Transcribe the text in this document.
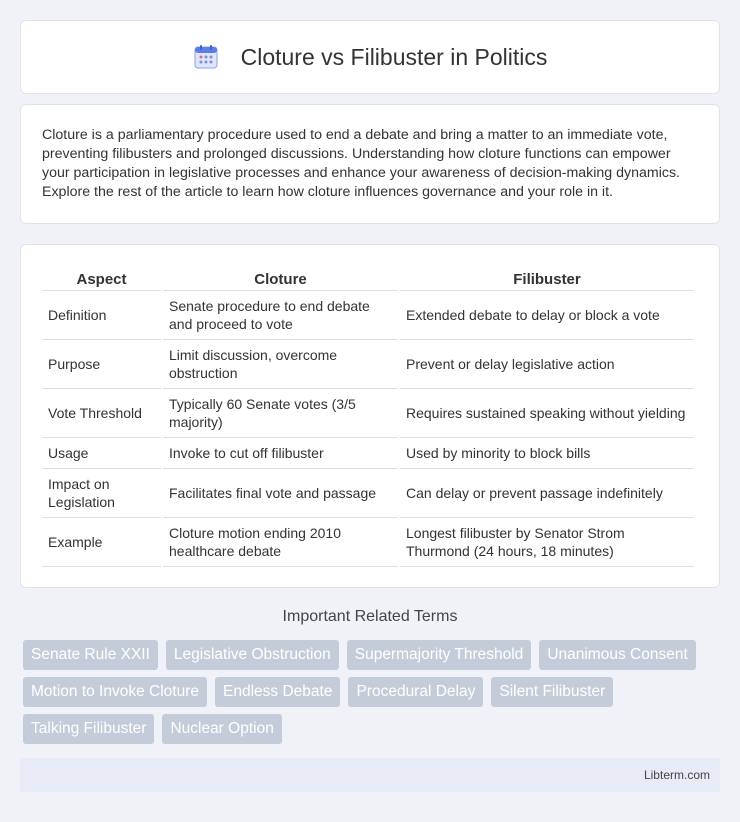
Cloture vs Filibuster in Politics

Cloture is a parliamentary procedure used to end a debate and bring a matter to an immediate vote, preventing filibusters and prolonged discussions. Understanding how cloture functions can empower your participation in legislative processes and enhance your awareness of decision-making dynamics. Explore the rest of the article to learn how cloture influences governance and your role in it.

Aspect	Cloture	Filibuster
Definition	Senate procedure to end debate and proceed to vote	Extended debate to delay or block a vote
Purpose	Limit discussion, overcome obstruction	Prevent or delay legislative action
Vote Threshold	Typically 60 Senate votes (3/5 majority)	Requires sustained speaking without yielding
Usage	Invoke to cut off filibuster	Used by minority to block bills
Impact on Legislation	Facilitates final vote and passage	Can delay or prevent passage indefinitely
Example	Cloture motion ending 2010 healthcare debate	Longest filibuster by Senator Strom Thurmond (24 hours, 18 minutes)
Important Related Terms
Senate Rule XXII	Legislative Obstruction	Supermajority Threshold	Unanimous Consent
Motion to Invoke Cloture	Endless Debate	Procedural Delay	Silent Filibuster
Talking Filibuster	Nuclear Option
Libterm.com
